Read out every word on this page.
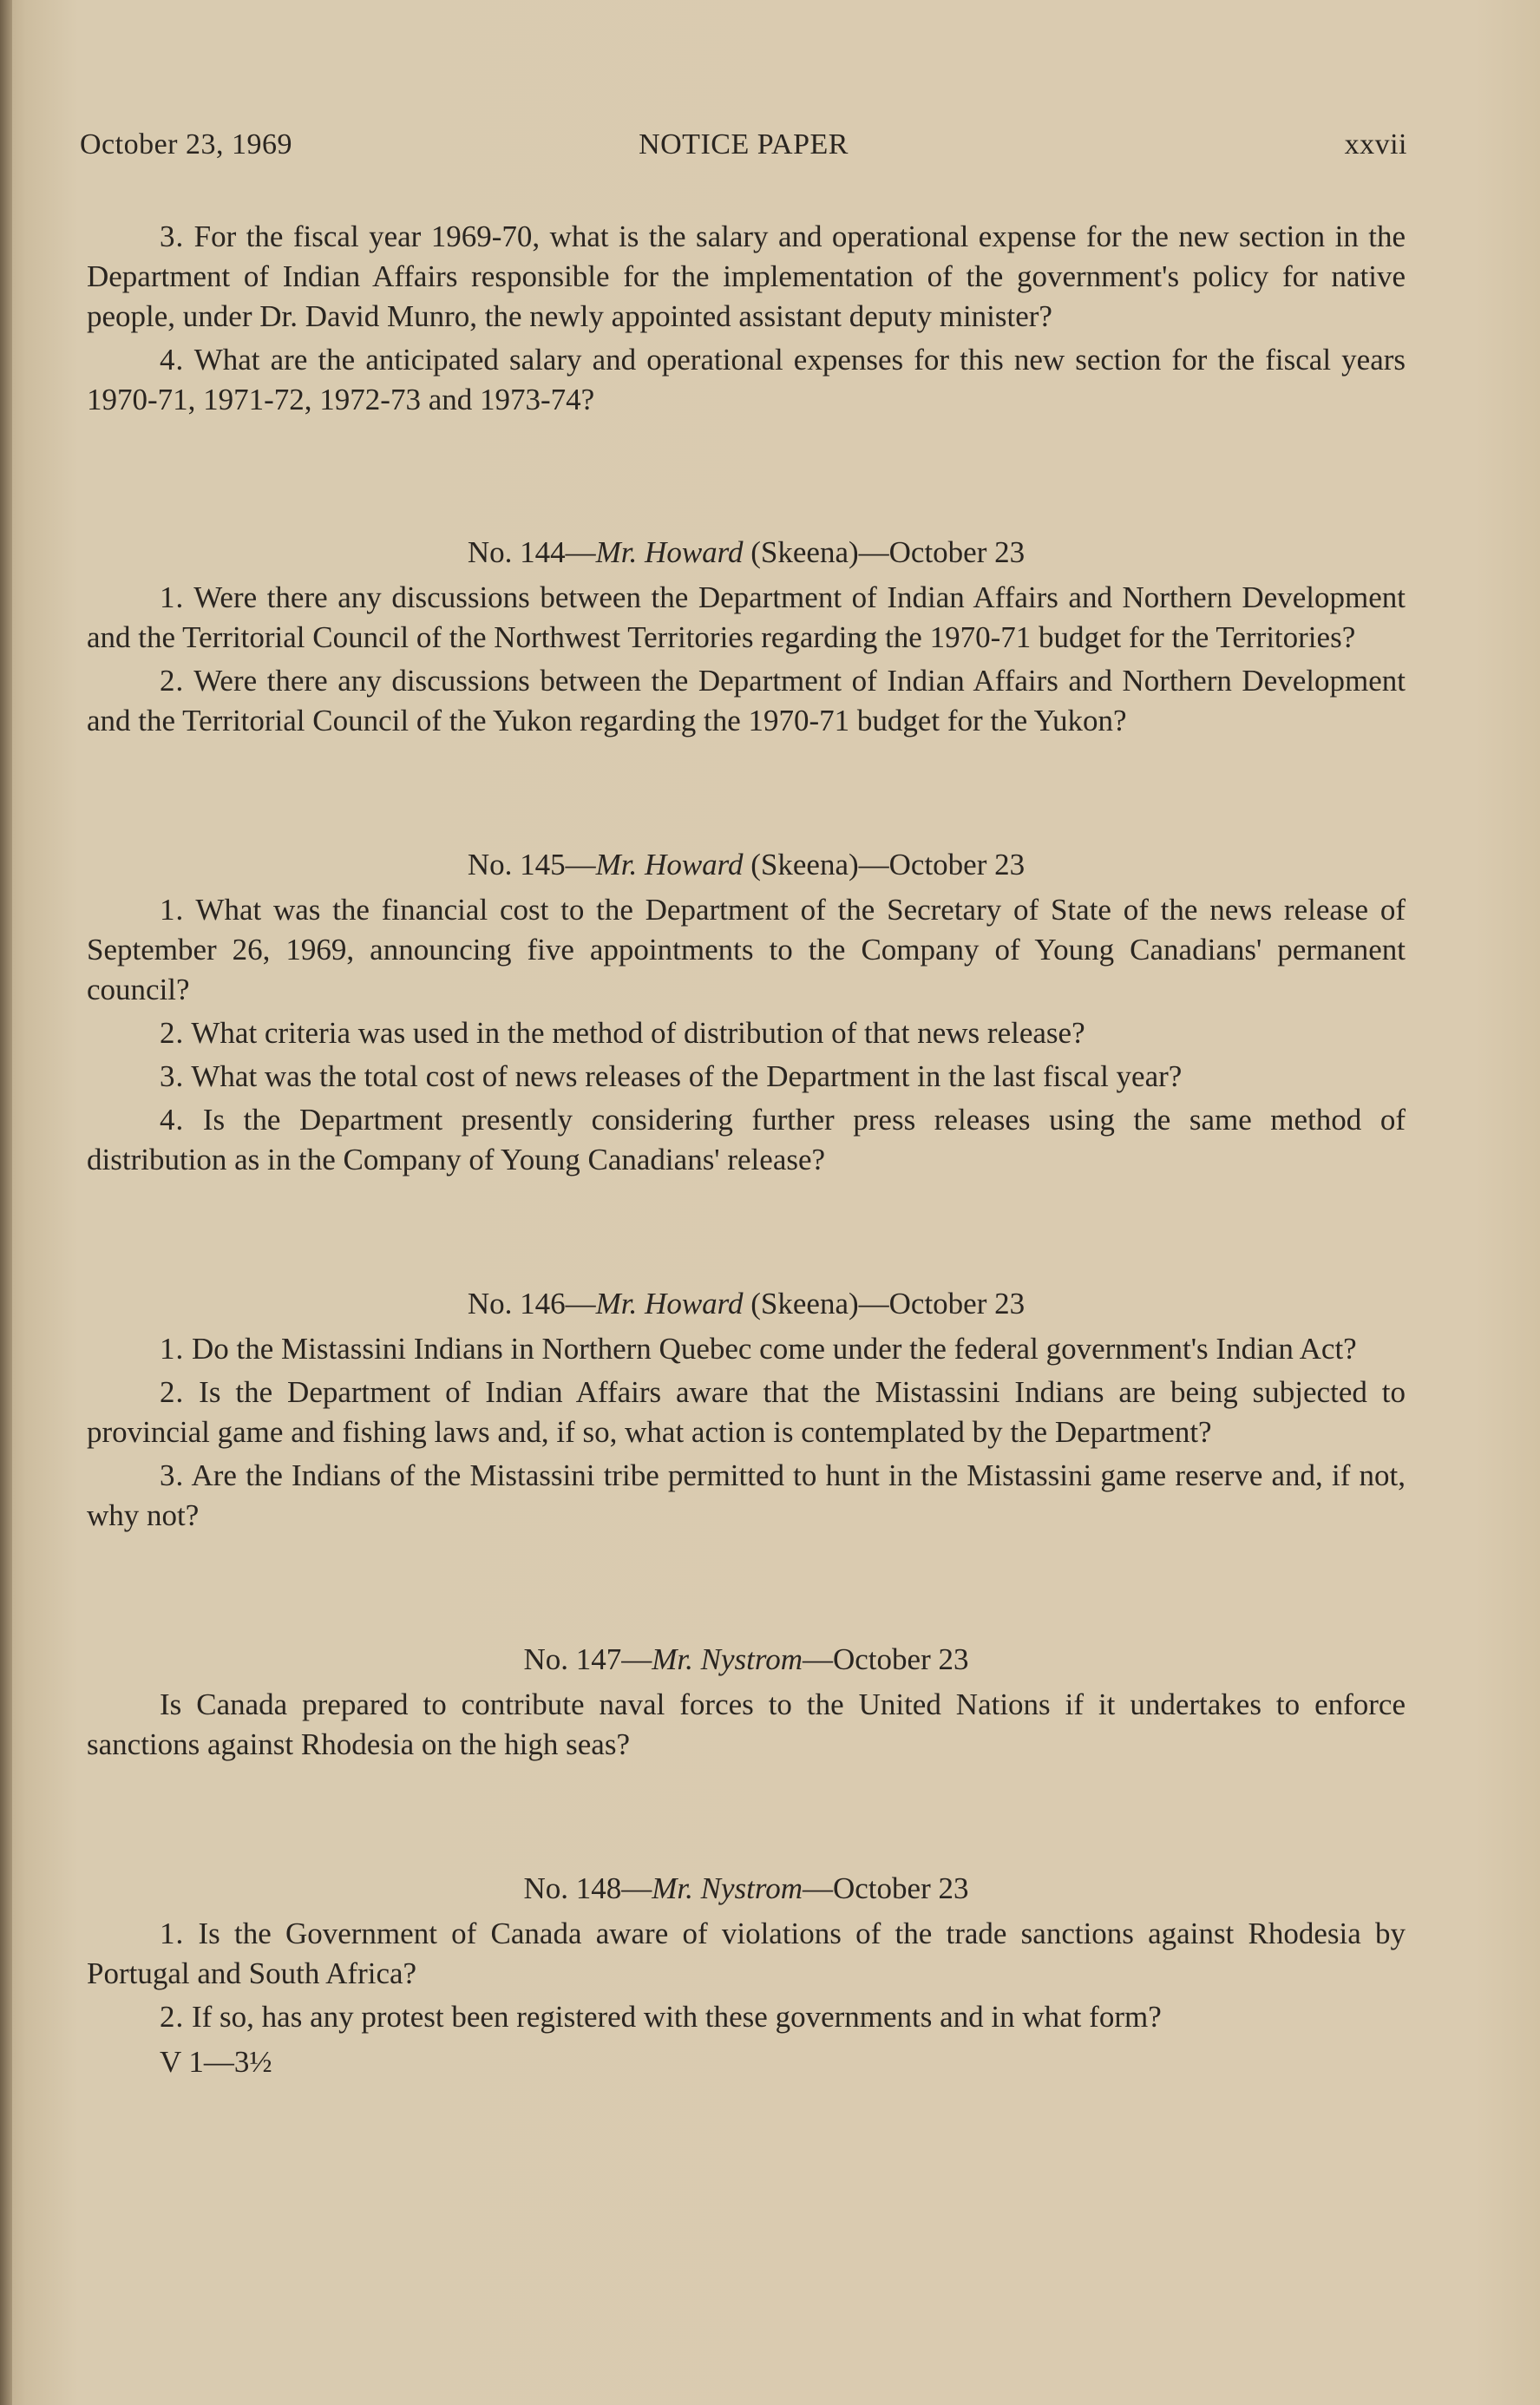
October 23, 1969	NOTICE PAPER	xxvii

3. For the fiscal year 1969-70, what is the salary and operational expense for the new section in the Department of Indian Affairs responsible for the implementation of the government's policy for native people, under Dr. David Munro, the newly appointed assistant deputy minister?

4. What are the anticipated salary and operational expenses for this new section for the fiscal years 1970-71, 1971-72, 1972-73 and 1973-74?

No. 144—Mr. Howard (Skeena)—October 23

1. Were there any discussions between the Department of Indian Affairs and Northern Development and the Territorial Council of the Northwest Territories regarding the 1970-71 budget for the Territories?

2. Were there any discussions between the Department of Indian Affairs and Northern Development and the Territorial Council of the Yukon regarding the 1970-71 budget for the Yukon?

No. 145—Mr. Howard (Skeena)—October 23

1. What was the financial cost to the Department of the Secretary of State of the news release of September 26, 1969, announcing five appointments to the Company of Young Canadians' permanent council?

2. What criteria was used in the method of distribution of that news release?

3. What was the total cost of news releases of the Department in the last fiscal year?

4. Is the Department presently considering further press releases using the same method of distribution as in the Company of Young Canadians' release?

No. 146—Mr. Howard (Skeena)—October 23

1. Do the Mistassini Indians in Northern Quebec come under the federal government's Indian Act?

2. Is the Department of Indian Affairs aware that the Mistassini Indians are being subjected to provincial game and fishing laws and, if so, what action is contemplated by the Department?

3. Are the Indians of the Mistassini tribe permitted to hunt in the Mistassini game reserve and, if not, why not?

No. 147—Mr. Nystrom—October 23

Is Canada prepared to contribute naval forces to the United Nations if it undertakes to enforce sanctions against Rhodesia on the high seas?

No. 148—Mr. Nystrom—October 23

1. Is the Government of Canada aware of violations of the trade sanctions against Rhodesia by Portugal and South Africa?

2. If so, has any protest been registered with these governments and in what form?

V 1—3½
